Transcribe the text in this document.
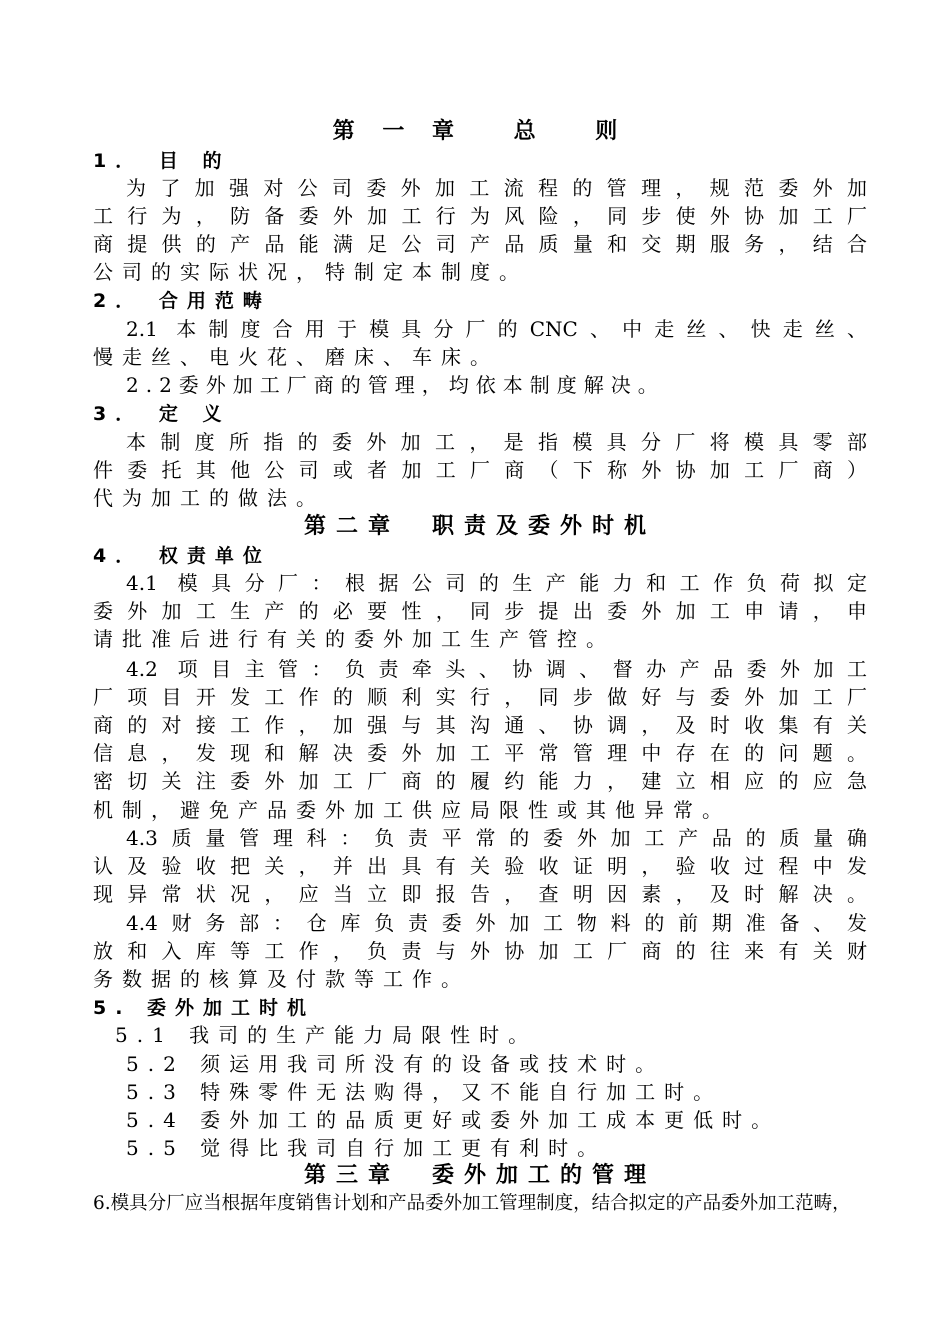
第 一 章　 总　 则
1． 目 的
为了加强对公司委外加工流程的管理，规范委外加
工行为，防备委外加工行为风险，同步使外协加工厂
商提供的产品能满足公司产品质量和交期服务，结合
公司的实际状况，特制定本制度。
2． 合用范畴
2.1 本制度合用于模具分厂的CNC、中走丝、快走丝、
慢走丝、电火花、磨床、车床。
2.2委外加工厂商的管理，均依本制度解决。
3． 定 义
本制度所指的委外加工，是指模具分厂将模具零部
件委托其他公司或者加工厂商（下称外协加工厂商）
代为加工的做法。
第二章　职责及委外时机
4． 权责单位
4.1 模具分厂：根据公司的生产能力和工作负荷拟定
委外加工生产的必要性，同步提出委外加工申请，申
请批准后进行有关的委外加工生产管控。
4.2 项目主管：负责牵头、协调、督办产品委外加工
厂项目开发工作的顺利实行，同步做好与委外加工厂
商的对接工作，加强与其沟通、协调，及时收集有关
信息，发现和解决委外加工平常管理中存在的问题。
密切关注委外加工厂商的履约能力，建立相应的应急
机制，避免产品委外加工供应局限性或其他异常。
4.3质量管理科：负责平常的委外加工产品的质量确
认及验收把关，并出具有关验收证明，验收过程中发
现异常状况，应当立即报告，查明因素，及时解决。
4.4财务部：仓库负责委外加工物料的前期准备、发
放和入库等工作，负责与外协加工厂商的往来有关财
务数据的核算及付款等工作。
5. 委外加工时机
5.1 我司的生产能力局限性时。
5.2 须运用我司所没有的设备或技术时。
5.3 特殊零件无法购得，又不能自行加工时。
5.4 委外加工的品质更好或委外加工成本更低时。
5.5 觉得比我司自行加工更有利时。
第三章　委外加工的管理
6.模具分厂应当根据年度销售计划和产品委外加工管理制度，结合拟定的产品委外加工范畴，
